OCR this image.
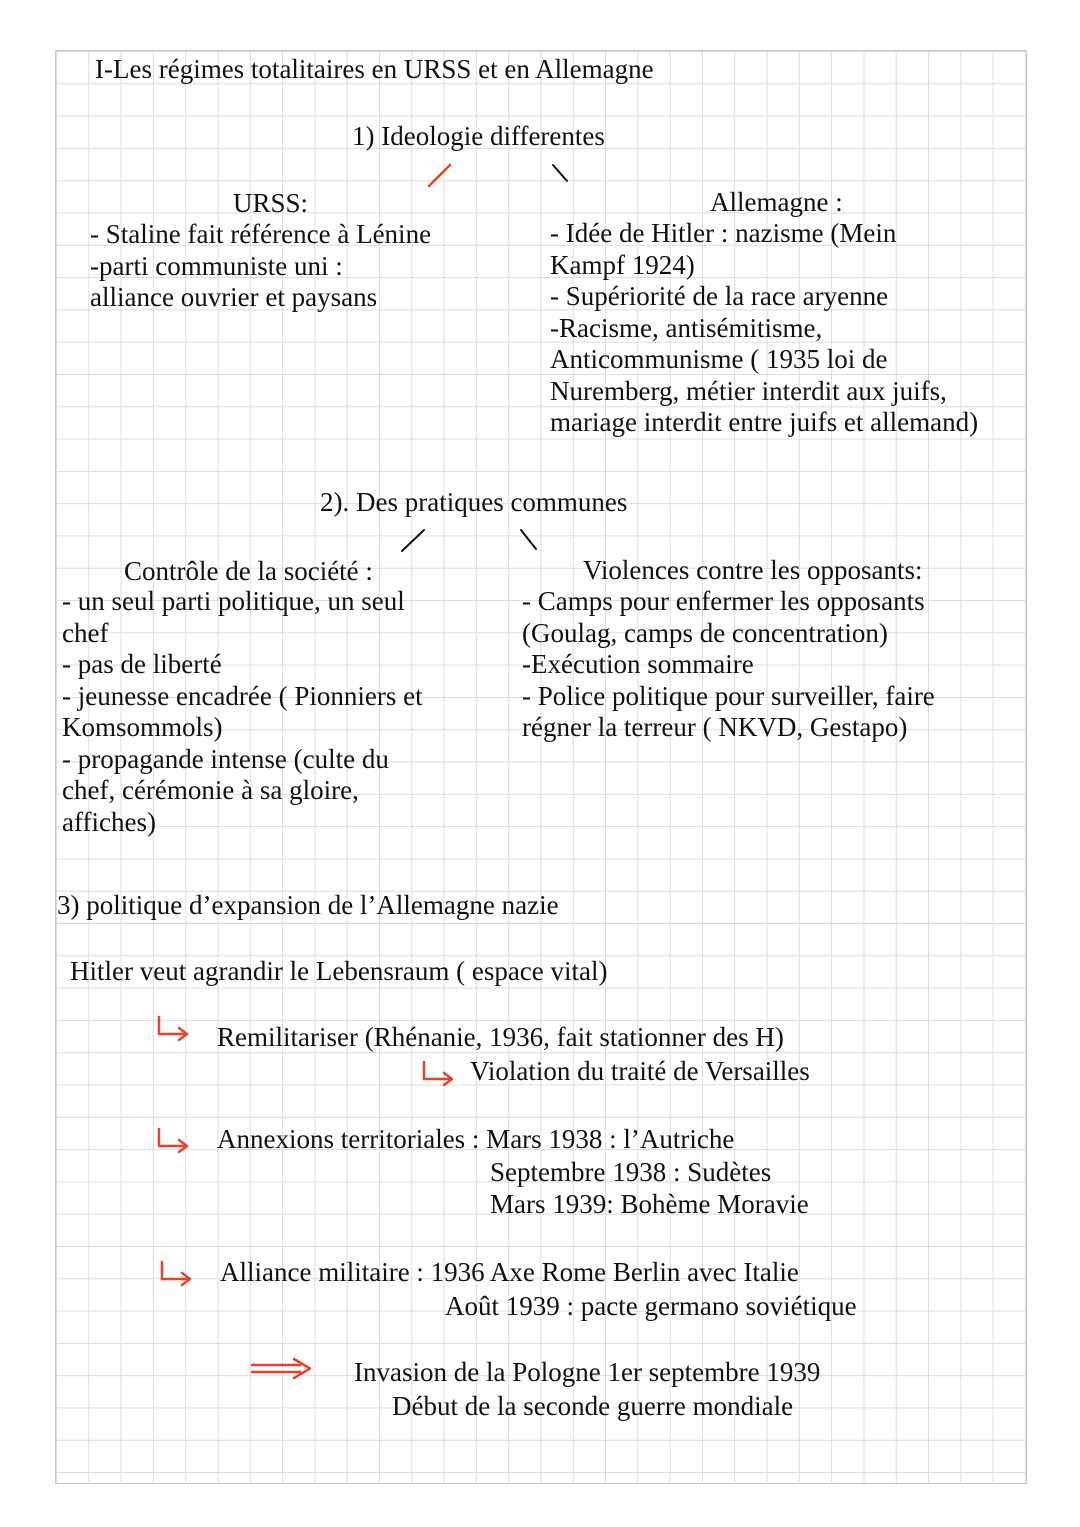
I-Les régimes totalitaires en URSS et en Allemagne
1) Ideologie differentes
URSS:
- Staline fait référence à Lénine
-parti communiste uni :
alliance ouvrier et paysans
Allemagne :
- Idée de Hitler : nazisme (Mein
Kampf 1924)
- Supériorité de la race aryenne
-Racisme, antisémitisme,
Anticommunisme ( 1935 loi de
Nuremberg, métier interdit aux juifs,
mariage interdit entre juifs et allemand)
2). Des pratiques communes
Contrôle de la société :
- un seul parti politique, un seul
chef
- pas de liberté
- jeunesse encadrée ( Pionniers et
Komsommols)
- propagande intense (culte du
chef, cérémonie à sa gloire,
affiches)
Violences contre les opposants:
- Camps pour enfermer les opposants
(Goulag, camps de concentration)
-Exécution sommaire
- Police politique pour surveiller, faire
régner la terreur ( NKVD, Gestapo)
3) politique d’expansion de l’Allemagne nazie
Hitler veut agrandir le Lebensraum ( espace vital)
Remilitariser (Rhénanie, 1936, fait stationner des H)
Violation du traité de Versailles
Annexions territoriales : Mars 1938 : l’Autriche
Septembre 1938 : Sudètes
Mars 1939: Bohème Moravie
Alliance militaire : 1936 Axe Rome Berlin avec Italie
Août 1939 : pacte germano soviétique
Invasion de la Pologne 1er septembre 1939
Début de la seconde guerre mondiale
